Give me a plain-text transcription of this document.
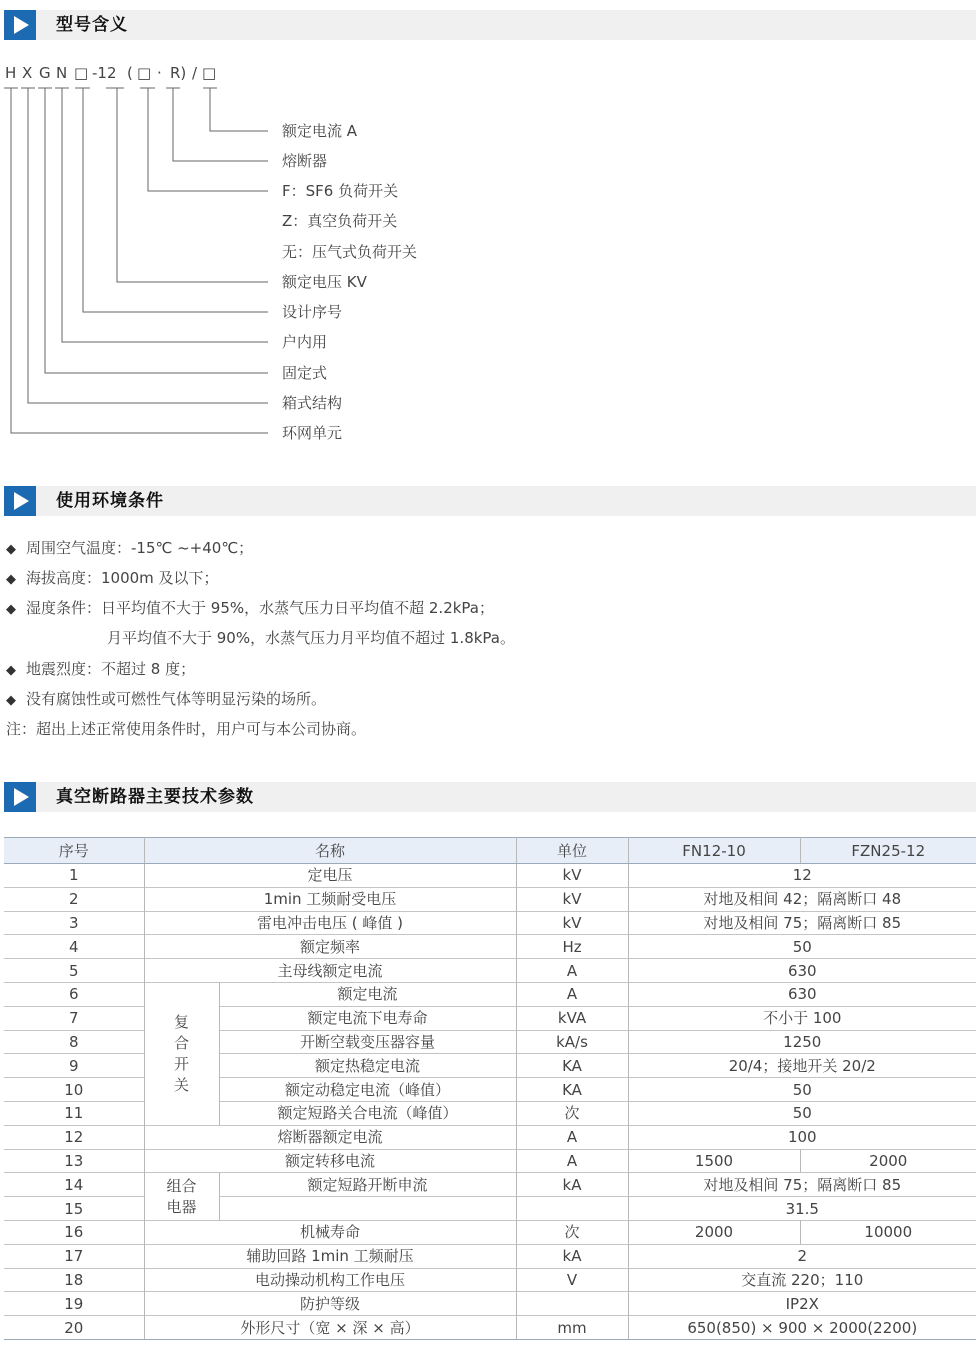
型号含义
H X G N □ -12 ( □ · R) / □
额定电流 A
熔断器
F：SF6 负荷开关
Z：真空负荷开关
无：压气式负荷开关
额定电压 KV
设计序号
户内用
固定式
箱式结构
环网单元
使用环境条件
◆ 周围空气温度：-15℃ ~+40℃；
◆ 海拔高度：1000m 及以下；
◆ 湿度条件：日平均值不大于 95%，水蒸气压力日平均值不超 2.2kPa；
月平均值不大于 90%，水蒸气压力月平均值不超过 1.8kPa。
◆ 地震烈度：不超过 8 度；
◆ 没有腐蚀性或可燃性气体等明显污染的场所。
注：超出上述正常使用条件时，用户可与本公司协商。
真空断路器主要技术参数
序号	名称		单位	FN12-10	FZN25-12
1	定电压		kV	12	
2	1min 工频耐受电压		kV	对地及相间 42；隔离断口 48	
3	雷电冲击电压 ( 峰值 )		kV	对地及相间 75；隔离断口 85	
4	额定频率		Hz	50	
5	主母线额定电流		A	630	
6	复合开关	额定电流	A	630	
7		额定电流下电寿命	kVA	不小于 100	
8		开断空载变压器容量	kA/s	1250	
9		额定热稳定电流	KA	20/4；接地开关 20/2	
10		额定动稳定电流（峰值）	KA	50	
11		额定短路关合电流（峰值）	次	50	
12	熔断器额定电流		A	100	
13	额定转移电流		A	1500	2000
14	组合电器	额定短路开断申流	kA	对地及相间 75；隔离断口 85	
15				31.5	
16	机械寿命		次	2000	10000
17	辅助回路 1min 工频耐压		kA	2	
18	电动操动机构工作电压		V	交直流 220；110	
19	防护等级			IP2X	
20	外形尺寸（宽 × 深 × 高）		mm	650(850) × 900 × 2000(2200)	
